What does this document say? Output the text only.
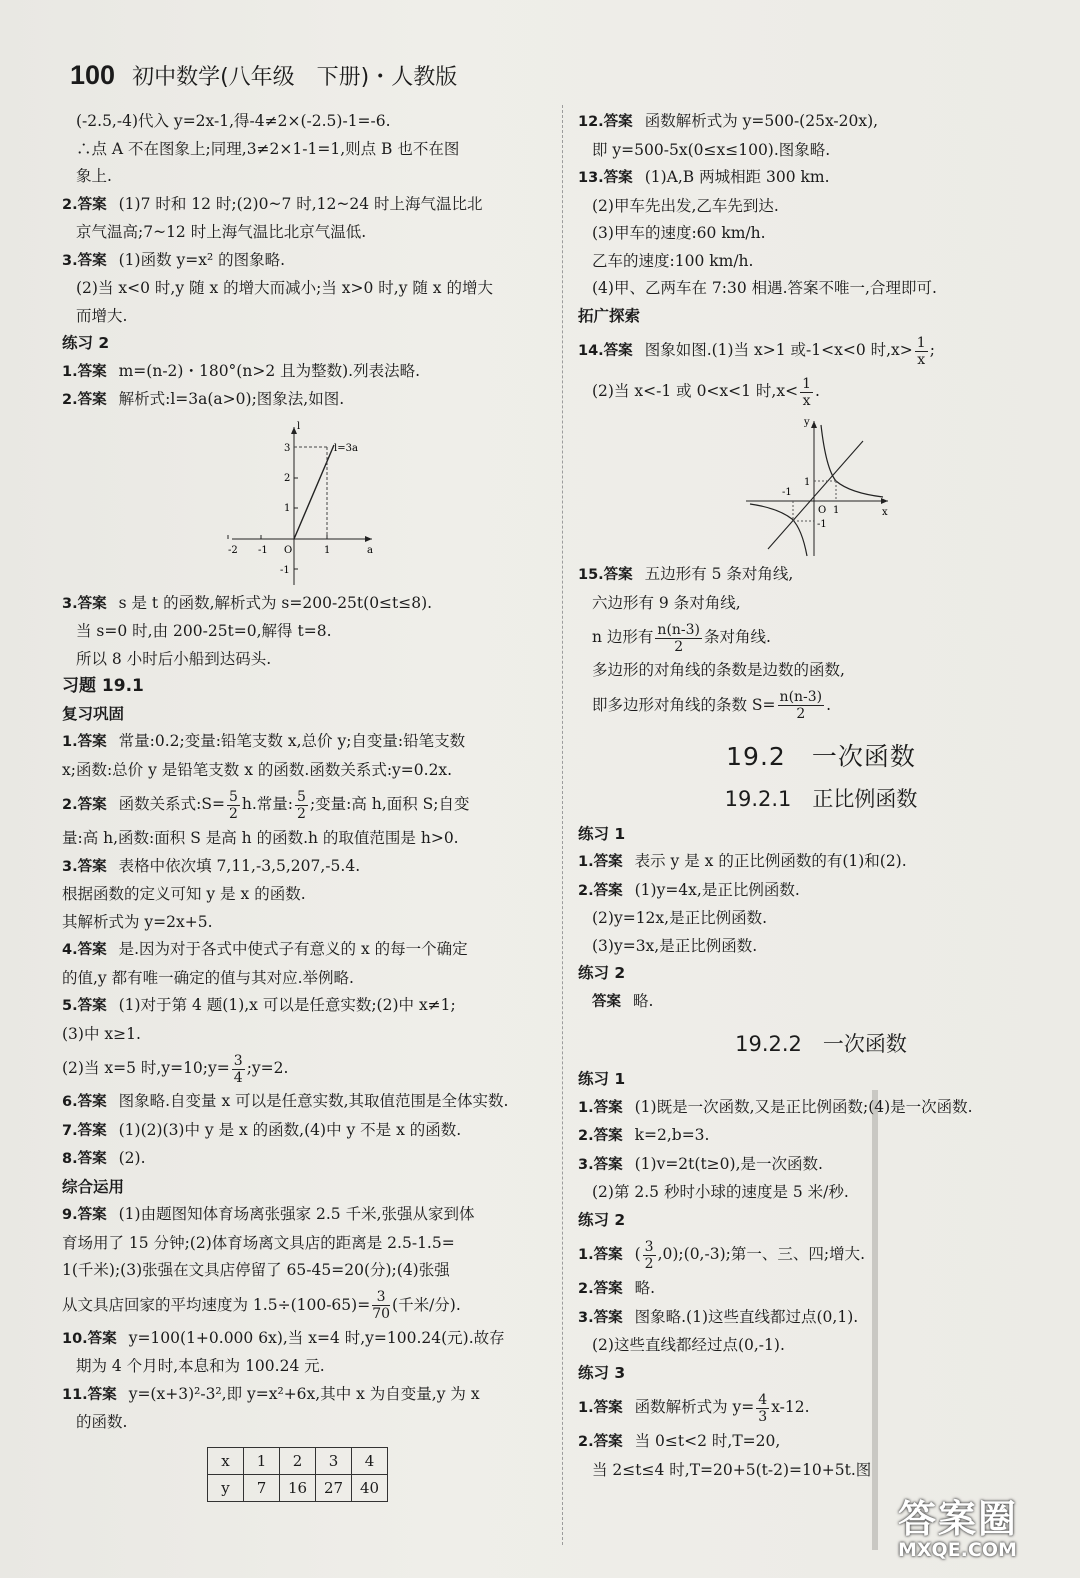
100 初中数学(八年级　下册)・人教版
(-2.5,-4)代入 y=2x-1,得-4≠2×(-2.5)-1=-6.
∴点 A 不在图象上;同理,3≠2×1-1=1,则点 B 也不在图
象上.
2.答案 (1)7 时和 12 时;(2)0~7 时,12~24 时上海气温比北
京气温高;7~12 时上海气温比北京气温低.
3.答案 (1)函数 y=x² 的图象略.
(2)当 x<0 时,y 随 x 的增大而减小;当 x>0 时,y 随 x 的增大
而增大.
练习 2
1.答案 m=(n-2)・180°(n>2 且为整数).列表法略.
2.答案 解析式:l=3a(a>0);图象法,如图.
l
a
l=3a
3
2
1
-1
-2 -1 O	1
3.答案 s 是 t 的函数,解析式为 s=200-25t(0≤t≤8).
当 s=0 时,由 200-25t=0,解得 t=8.
所以 8 小时后小船到达码头.
习题 19.1
复习巩固
1.答案 常量:0.2;变量:铅笔支数 x,总价 y;自变量:铅笔支数
x;函数:总价 y 是铅笔支数 x 的函数.函数关系式:y=0.2x.
2.答案 函数关系式:S= $\frac{5}{2} h$.常量: $\frac{5}{2}$ ;变量:高 h,面积 S;自变
量:高 h,函数:面积 S 是高 h 的函数.h 的取值范围是 h>0.
3.答案 表格中依次填 7,11,-3,5,207,-5.4.
根据函数的定义可知 y 是 x 的函数.
其解析式为 y=2x+5.
4.答案 是.因为对于各式中使式子有意义的 x 的每一个确定
的值,y 都有唯一确定的值与其对应.举例略.
5.答案 (1)对于第 4 题(1),x 可以是任意实数;(2)中 x≠1;
(3)中 x≥1.
(2)当 x=5 时,y=10;y= $\frac{3}{4}$ ;y=2.
6.答案 图象略.自变量 x 可以是任意实数,其取值范围是全体实数.
7.答案 (1)(2)(3)中 y 是 x 的函数,(4)中 y 不是 x 的函数.
8.答案 (2).
综合运用
9.答案 (1)由题图知体育场离张强家 2.5 千米,张强从家到体
育场用了 15 分钟;(2)体育场离文具店的距离是 2.5-1.5=
1(千米);(3)张强在文具店停留了 65-45=20(分);(4)张强
从文具店回家的平均速度为 $1.5\div(100-65)= \frac{3}{70}$ (千米/分).
10.答案 y=100(1+0.000 6x),当 x=4 时,y=100.24(元).故存
期为 4 个月时,本息和为 100.24 元.
11.答案 y=(x+3)²-3²,即 y=x²+6x,其中 x 为自变量,y 为 x
的函数.
x	1	2	3	4
y	7	16	27	40
12.答案 函数解析式为 y=500-(25x-20x),
即 y=500-5x(0≤x≤100).图象略.
13.答案 (1)A,B 两城相距 300 km.
(2)甲车先出发,乙车先到达.
(3)甲车的速度:60 km/h.
乙车的速度:100 km/h.
(4)甲、乙两车在 7:30 相遇.答案不唯一,合理即可.
拓广探索
14.答案 图象如图.(1)当 x>1 或-1<x<0 时$,x> \frac{1}{x}$ ;
(2)当 x<-1 或 0<x<1 时$,x< \frac{1}{x}$ .
y
x
1
-1
O 1
-1
15.答案 五边形有 5 条对角线,
六边形有 9 条对角线,
n 边形有 $\frac{n(n-3)}{2}$ 条对角线.
多边形的对角线的条数是边数的函数,
即多边形对角线的条数 $S= \frac{n(n-3)}{2}$ .
19.2　一次函数
19.2.1　正比例函数
练习 1
1.答案 表示 y 是 x 的正比例函数的有(1)和(2).
2.答案 (1)y=4x,是正比例函数.
(2)y=12x,是正比例函数.
(3)y=3x,是正比例函数.
练习 2
答案 略.
19.2.2　一次函数
练习 1
1.答案 (1)既是一次函数,又是正比例函数;(4)是一次函数.
2.答案 k=2,b=3.
3.答案 (1)v=2t(t≥0),是一次函数.
(2)第 2.5 秒时小球的速度是 5 米/秒.
练习 2
1.答案 ( $\frac{3}{2}$ ,0);(0,-3);第一、三、四;增大.
2.答案 略.
3.答案 图象略.(1)这些直线都过点(0,1).
(2)这些直线都经过点(0,-1).
练习 3
1.答案 函数解析式为 $y= \frac{4}{3} x-12$.
2.答案 当 0≤t<2 时,T=20,
当 2≤t≤4 时,T=20+5(t-2)=10+5t.图
答案圈
MXQE.COM
